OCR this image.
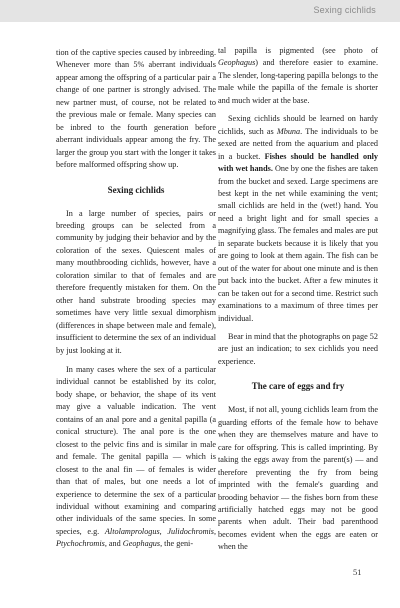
Sexing cichlids

tion of the captive species caused by inbreeding. Whenever more than 5% aberrant individuals appear among the offspring of a particular pair a change of one partner is strongly advised. The new partner must, of course, not be related to the previous male or female. Many species can be inbred to the fourth generation before aberrant individuals appear among the fry. The larger the group you start with the longer it takes before malformed offspring show up.

Sexing cichlids

In a large number of species, pairs or breeding groups can be selected from a community by judging their behavior and by the coloration of the sexes. Quiescent males of many mouthbrooding cichlids, however, have a coloration similar to that of females and are therefore frequently mistaken for them. On the other hand substrate brooding species may sometimes have very little sexual dimorphism (differences in shape between male and female), insufficient to determine the sex of an individual by just looking at it.

In many cases where the sex of a particular individual cannot be established by its color, body shape, or behavior, the shape of its vent may give a valuable indication. The vent contains of an anal pore and a genital papilla (a conical structure). The anal pore is the one closest to the pelvic fins and is similar in male and female. The genital papilla — which is closest to the anal fin — of females is wider than that of males, but one needs a lot of experience to determine the sex of a particular individual without examining and comparing other individuals of the same species. In some species, e.g. Altolamprologus, Julidochromis, Ptychochromis, and Geophagus, the geni-

tal papilla is pigmented (see photo of Geophagus) and therefore easier to examine. The slender, long-tapering papilla belongs to the male while the papilla of the female is shorter and much wider at the base.

Sexing cichlids should be learned on hardy cichlids, such as Mbuna. The individuals to be sexed are netted from the aquarium and placed in a bucket. Fishes should be handled only with wet hands. One by one the fishes are taken from the bucket and sexed. Large specimens are best kept in the net while examining the vent; small cichlids are held in the (wet!) hand. You need a bright light and for small species a magnifying glass. The females and males are put in separate buckets because it is likely that you are going to look at them again. The fish can be out of the water for about one minute and is then put back into the bucket. After a few minutes it can be taken out for a second time. Restrict such examinations to a maximum of three times per individual.

Bear in mind that the photographs on page 52 are just an indication; to sex cichlids you need experience.

The care of eggs and fry

Most, if not all, young cichlids learn from the guarding efforts of the female how to behave when they are themselves mature and have to care for offspring. This is called imprinting. By taking the eggs away from the parent(s) — and therefore preventing the fry from being imprinted with the female's guarding and brooding behavior — the fishes born from these artificially hatched eggs may not be good parents when adult. Their bad parenthood becomes evident when the eggs are eaten or when the

51
